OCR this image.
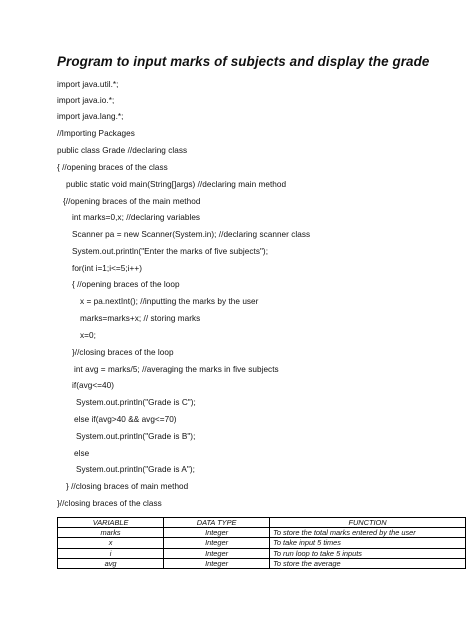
Program to input marks of subjects and display the grade
import java.util.*;
import java.io.*;
import java.lang.*;
//Importing Packages
public class Grade //declaring class
{ //opening braces of the class
public static void main(String[]args) //declaring main method
{//opening braces of the main method
int marks=0,x; //declaring variables
Scanner pa = new Scanner(System.in); //declaring scanner class
System.out.println("Enter the marks of five subjects");
for(int i=1;i<=5;i++)
{ //opening braces of the loop
x = pa.nextInt(); //inputting the marks by the user
marks=marks+x; // storing marks
x=0;
}//closing braces of the loop
int avg = marks/5; //averaging the marks in five subjects
if(avg<=40)
System.out.println("Grade is C");
else if(avg>40 && avg<=70)
System.out.println("Grade is B");
else
System.out.println("Grade is A");
} //closing braces of main method
}//closing braces of the class
VARIABLE	DATA TYPE	FUNCTION
marks	Integer	To store the total marks entered by the user
x	Integer	To take input 5 times
i	Integer	To run loop to take 5 inputs
avg	Integer	To store the average
